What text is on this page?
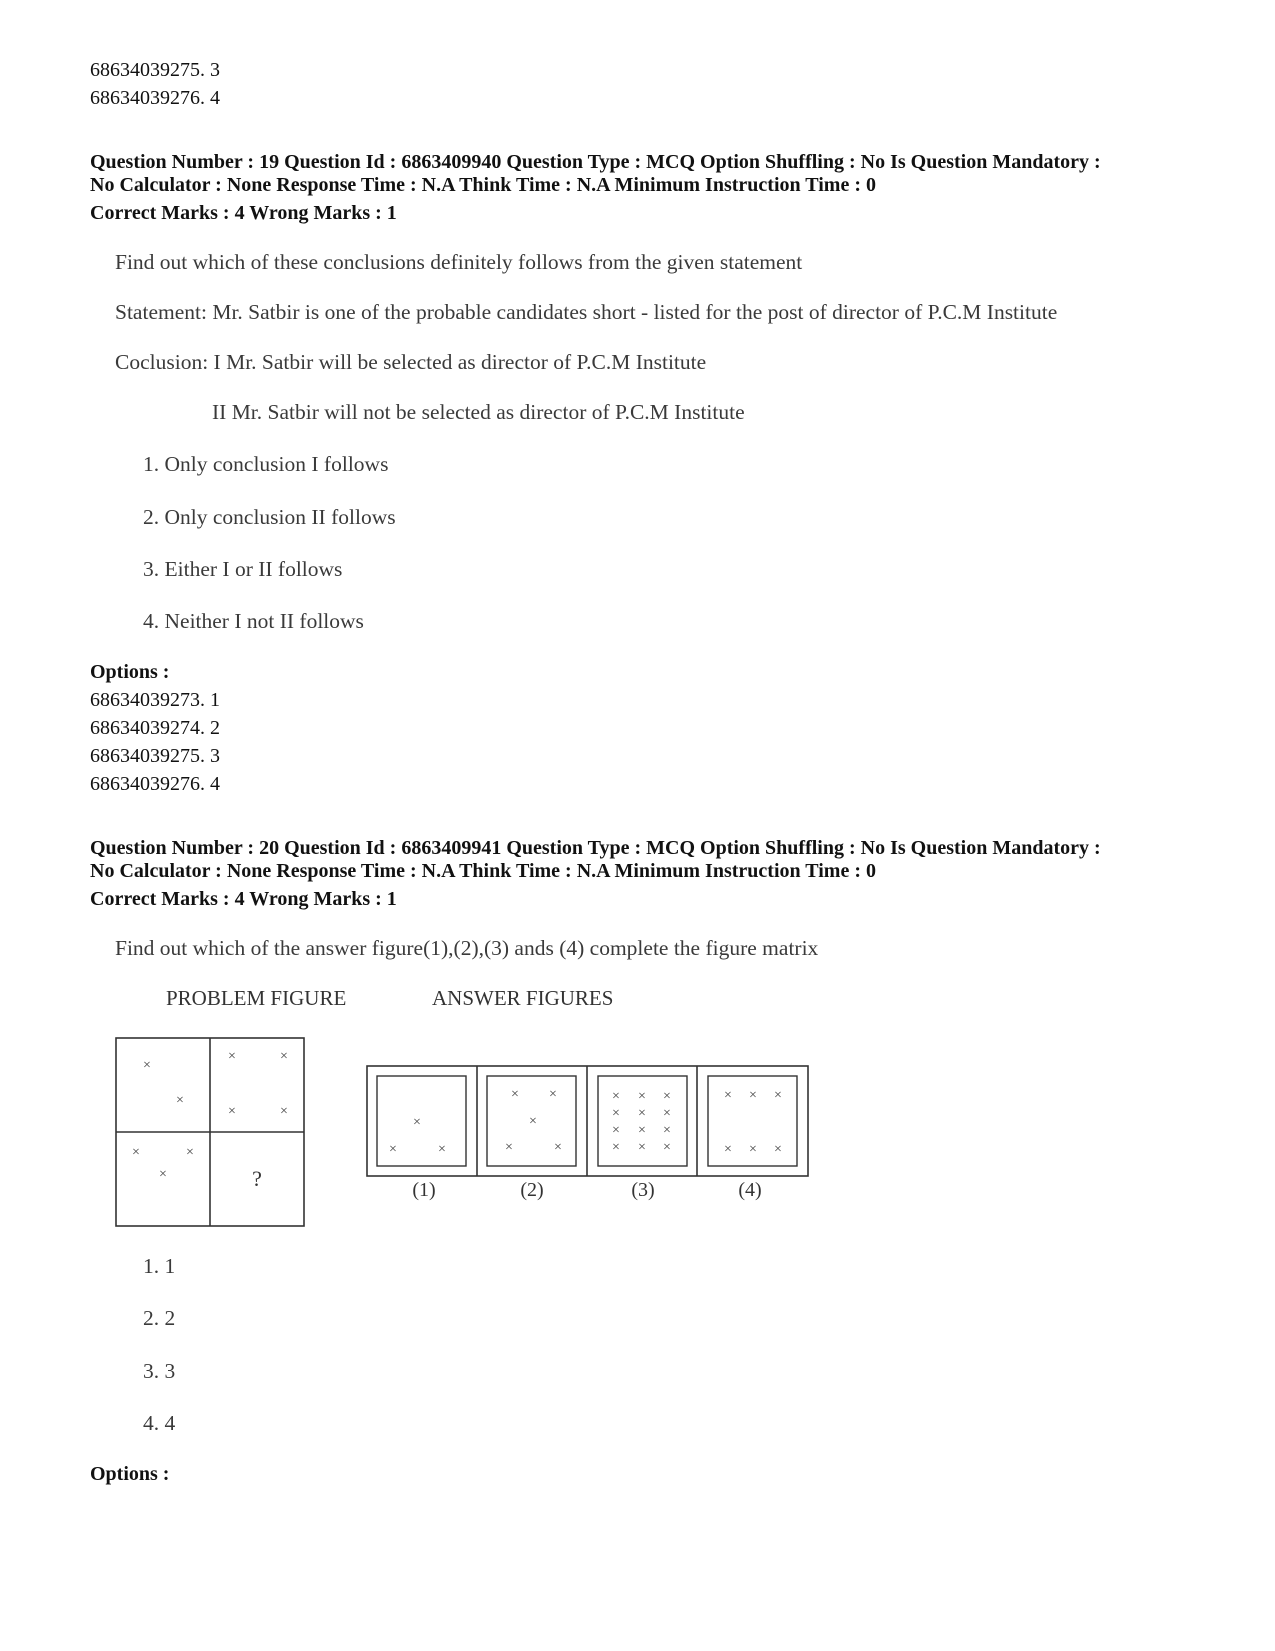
68634039275. 3
68634039276. 4
Question Number : 19 Question Id : 6863409940 Question Type : MCQ Option Shuffling : No Is Question Mandatory :
No Calculator : None Response Time : N.A Think Time : N.A Minimum Instruction Time : 0
Correct Marks : 4 Wrong Marks : 1
Find out which of these conclusions definitely follows from the given statement
Statement: Mr. Satbir is one of the probable candidates short - listed for the post of director of P.C.M Institute
Coclusion: I Mr. Satbir will be selected as director of P.C.M Institute
II Mr. Satbir will not be selected as director of P.C.M Institute
1. Only conclusion I follows
2. Only conclusion II follows
3. Either I or II follows
4. Neither I not II follows
Options :
68634039273. 1
68634039274. 2
68634039275. 3
68634039276. 4
Question Number : 20 Question Id : 6863409941 Question Type : MCQ Option Shuffling : No Is Question Mandatory :
No Calculator : None Response Time : N.A Think Time : N.A Minimum Instruction Time : 0
Correct Marks : 4 Wrong Marks : 1
Find out which of the answer figure(1),(2),(3) ands (4) complete the figure matrix
PROBLEM FIGURE	ANSWER FIGURES
×
×
×	×
×	×
×	×
×	?
×
×	×
× ×
×
×	×
× × ×
× × ×
× × ×
× × ×
× × ×
× × ×
(1)	(2)	(3)	(4)
1. 1
2. 2
3. 3
4. 4
Options :
